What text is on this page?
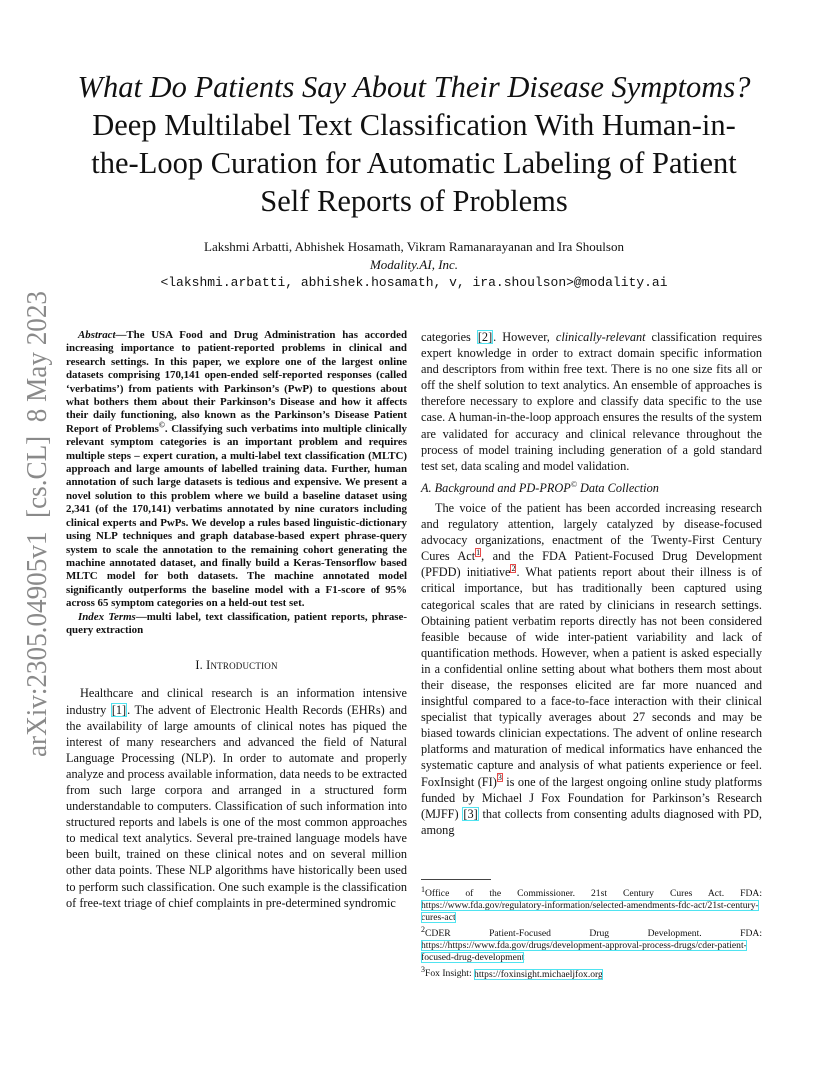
arXiv:2305.04905v1  [cs.CL]  8 May 2023
What Do Patients Say About Their Disease Symptoms? Deep Multilabel Text Classification With Human-in-the-Loop Curation for Automatic Labeling of Patient Self Reports of Problems
Lakshmi Arbatti, Abhishek Hosamath, Vikram Ramanarayanan and Ira Shoulson
Modality.AI, Inc.
<lakshmi.arbatti, abhishek.hosamath, v, ira.shoulson>@modality.ai

Abstract—The USA Food and Drug Administration has accorded increasing importance to patient-reported problems in clinical and research settings. In this paper, we explore one of the largest online datasets comprising 170,141 open-ended self-reported responses (called ‘verbatims’) from patients with Parkinson’s (PwP) to questions about what bothers them about their Parkinson’s Disease and how it affects their daily functioning, also known as the Parkinson’s Disease Patient Report of Problems©. Classifying such verbatims into multiple clinically relevant symptom categories is an important problem and requires multiple steps – expert curation, a multi-label text classification (MLTC) approach and large amounts of labelled training data. Further, human annotation of such large datasets is tedious and expensive. We present a novel solution to this problem where we build a baseline dataset using 2,341 (of the 170,141) verbatims annotated by nine curators including clinical experts and PwPs. We develop a rules based linguistic-dictionary using NLP techniques and graph database-based expert phrase-query system to scale the annotation to the remaining cohort generating the machine annotated dataset, and finally build a Keras-Tensorflow based MLTC model for both datasets. The machine annotated model significantly outperforms the baseline model with a F1-score of 95% across 65 symptom categories on a held-out test set.

Index Terms—multi label, text classification, patient reports, phrase-query extraction

I. Introduction

Healthcare and clinical research is an information intensive industry [1]. The advent of Electronic Health Records (EHRs) and the availability of large amounts of clinical notes has piqued the interest of many researchers and advanced the field of Natural Language Processing (NLP). In order to automate and properly analyze and process available information, data needs to be extracted from such large corpora and arranged in a structured form understandable to computers. Classification of such information into structured reports and labels is one of the most common approaches to medical text analytics. Several pre-trained language models have been built, trained on these clinical notes and on several million other data points. These NLP algorithms have historically been used to perform such classification. One such example is the classification of free-text triage of chief complaints in pre-determined syndromic

categories [2]. However, clinically-relevant classification requires expert knowledge in order to extract domain specific information and descriptors from within free text. There is no one size fits all or off the shelf solution to text analytics. An ensemble of approaches is therefore necessary to explore and classify data specific to the use case. A human-in-the-loop approach ensures the results of the system are validated for accuracy and clinical relevance throughout the process of model training including generation of a gold standard test set, data scaling and model validation.

A. Background and PD-PROP© Data Collection

The voice of the patient has been accorded increasing research and regulatory attention, largely catalyzed by disease-focused advocacy organizations, enactment of the Twenty-First Century Cures Act$^1$, and the FDA Patient-Focused Drug Development (PFDD) initiative$^2$. What patients report about their illness is of critical importance, but has traditionally been captured using categorical scales that are rated by clinicians in research settings. Obtaining patient verbatim reports directly has not been considered feasible because of wide inter-patient variability and lack of quantification methods. However, when a patient is asked especially in a confidential online setting about what bothers them most about their disease, the responses elicited are far more nuanced and insightful compared to a face-to-face interaction with their clinical specialist that typically averages about 27 seconds and may be biased towards clinician expectations. The advent of online research platforms and maturation of medical informatics have enhanced the systematic capture and analysis of what patients experience or feel. FoxInsight (FI)$^3$ is one of the largest ongoing online study platforms funded by Michael J Fox Foundation for Parkinson’s Research (MJFF) [3] that collects from consenting adults diagnosed with PD, among

$^1$Office of the Commissioner. 21st Century Cures Act. FDA: https://www.fda.gov/regulatory-information/selected-amendments-fdc-act/21st-century-cures-act

$^2$CDER Patient-Focused Drug Development. FDA: https://https://www.fda.gov/drugs/development-approval-process-drugs/cder-patient-focused-drug-development

$^3$Fox Insight: https://foxinsight.michaeljfox.org
